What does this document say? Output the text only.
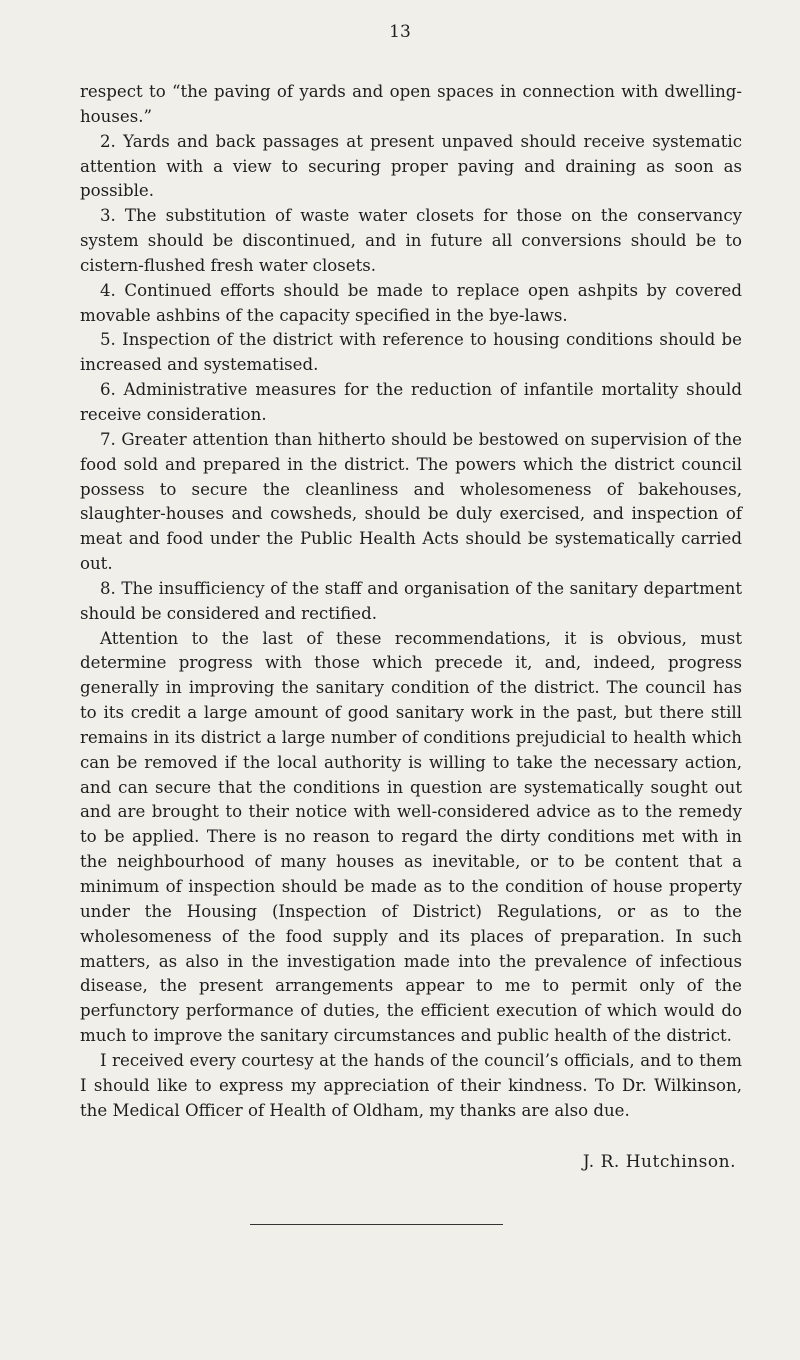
13

respect to “the paving of yards and open spaces in connection with dwelling-houses.”

2. Yards and back passages at present unpaved should receive systematic attention with a view to securing proper paving and draining as soon as possible.

3. The substitution of waste water closets for those on the conservancy system should be discontinued, and in future all conversions should be to cistern-flushed fresh water closets.

4. Continued efforts should be made to replace open ashpits by covered movable ashbins of the capacity specified in the bye-laws.

5. Inspection of the district with reference to housing conditions should be increased and systematised.

6. Administrative measures for the reduction of infantile mortality should receive consideration.

7. Greater attention than hitherto should be bestowed on supervision of the food sold and prepared in the district. The powers which the district council possess to secure the cleanliness and wholesomeness of bakehouses, slaughter-houses and cowsheds, should be duly exercised, and inspection of meat and food under the Public Health Acts should be systematically carried out.

8. The insufficiency of the staff and organisation of the sanitary department should be considered and rectified.

Attention to the last of these recommendations, it is obvious, must determine progress with those which precede it, and, indeed, progress generally in improving the sanitary condition of the district. The council has to its credit a large amount of good sanitary work in the past, but there still remains in its district a large number of conditions prejudicial to health which can be removed if the local authority is willing to take the necessary action, and can secure that the conditions in question are systematically sought out and are brought to their notice with well-considered advice as to the remedy to be applied. There is no reason to regard the dirty conditions met with in the neighbourhood of many houses as inevitable, or to be content that a minimum of inspection should be made as to the condition of house property under the Housing (Inspection of District) Regulations, or as to the wholesomeness of the food supply and its places of preparation. In such matters, as also in the investigation made into the prevalence of infectious disease, the present arrangements appear to me to permit only of the perfunctory performance of duties, the efficient execution of which would do much to improve the sanitary circumstances and public health of the district.

I received every courtesy at the hands of the council’s officials, and to them I should like to express my appreciation of their kindness. To Dr. Wilkinson, the Medical Officer of Health of Oldham, my thanks are also due.

J. R. Hutchinson.
